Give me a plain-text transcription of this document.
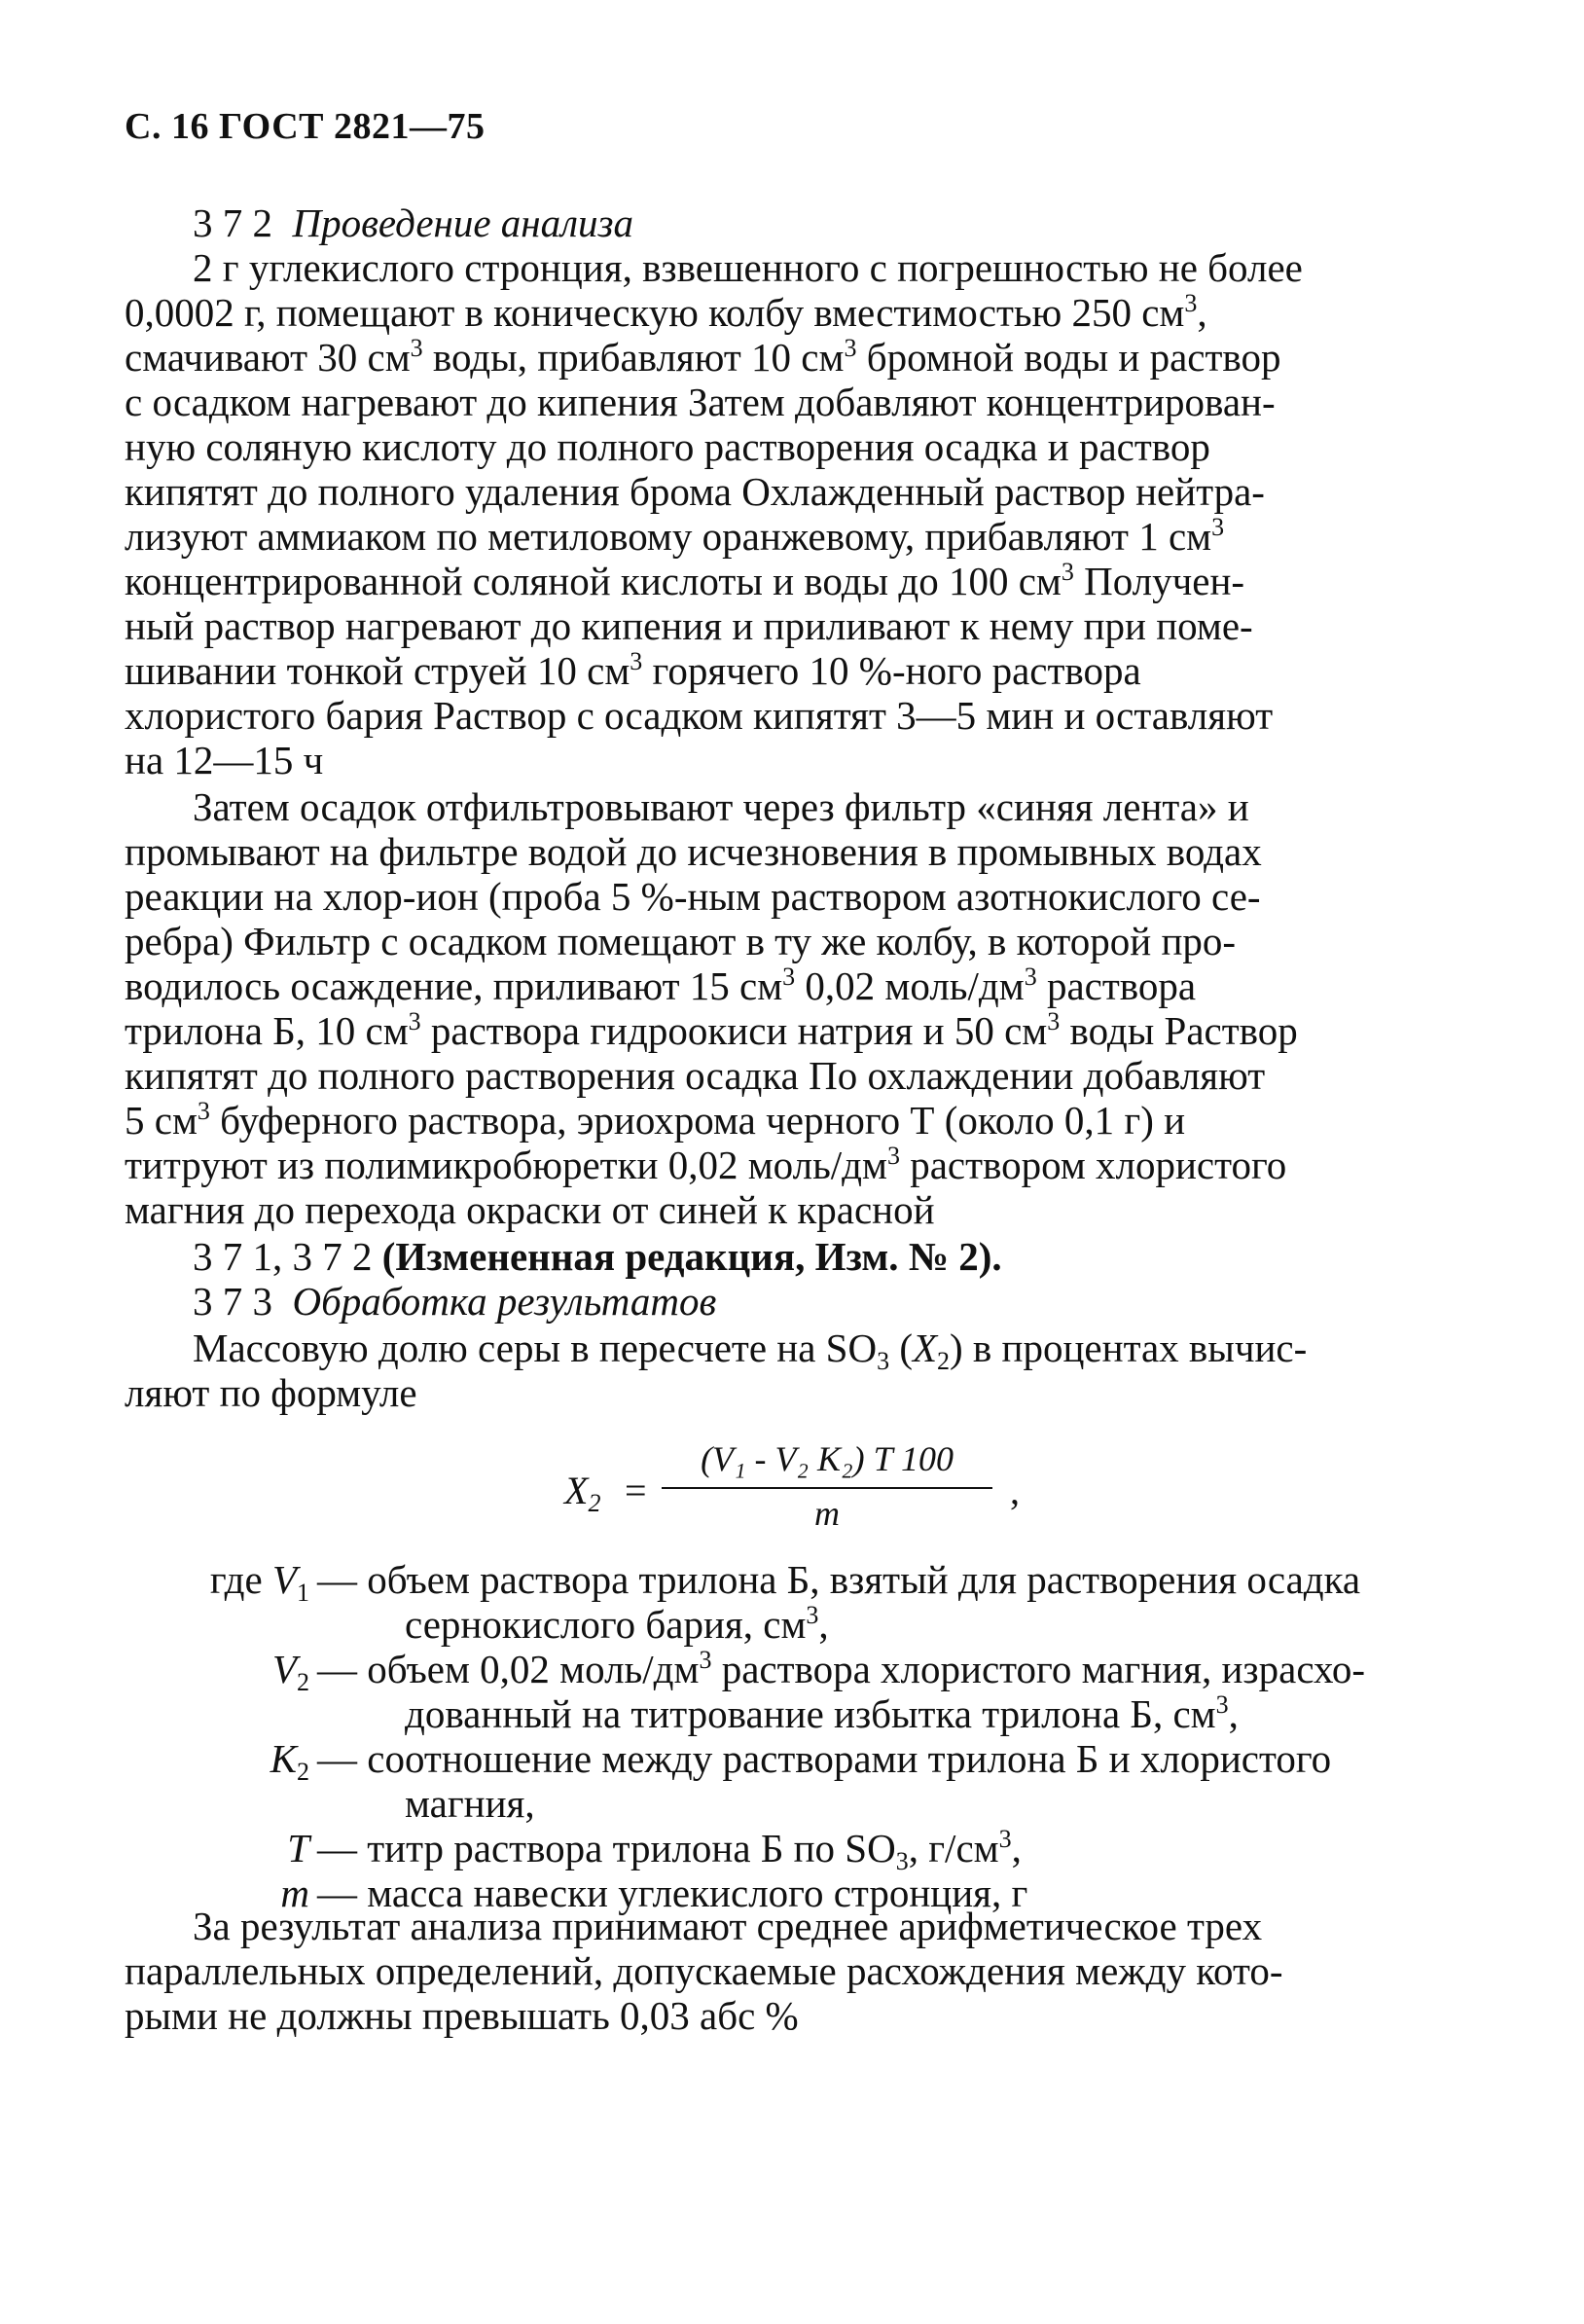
С. 16 ГОСТ 2821—75
3 7 2 Проведение анализа
2 г углекислого стронция, взвешенного с погрешностью не более
0,0002 г, помещают в коническую колбу вместимостью 250 $см^3$,
смачивают 30 $см^3$ воды, прибавляют 10 $см^3$ бромной воды и раствор
с осадком нагревают до кипения Затем добавляют концентрирован-
ную соляную кислоту до полного растворения осадка и раствор
кипятят до полного удаления брома Охлажденный раствор нейтра-
лизуют аммиаком по метиловому оранжевому, прибавляют 1 $см^3$
концентрированной соляной кислоты и воды до 100 $см^3$ Получен-
ный раствор нагревают до кипения и приливают к нему при поме-
шивании тонкой струей 10 $см^3$ горячего 10 %-ного раствора
хлористого бария Раствор с осадком кипятят 3—5 мин и оставляют
на 12—15 ч
Затем осадок отфильтровывают через фильтр «синяя лента» и
промывают на фильтре водой до исчезновения в промывных водах
реакции на хлор-ион (проба 5 %-ным раствором азотнокислого се-
ребра) Фильтр с осадком помещают в ту же колбу, в которой про-
водилось осаждение, приливают 15 $см^3$ 0,02 моль/$дм^3$ раствора
трилона Б, 10 $см^3$ раствора гидроокиси натрия и 50 $см^3$ воды Раствор
кипятят до полного растворения осадка По охлаждении добавляют
5 $см^3$ буферного раствора, эриохрома черного Т (около 0,1 г) и
титруют из полимикробюретки 0,02 моль/$дм^3$ раствором хлористого
магния до перехода окраски от синей к красной
3 7 1, 3 7 2 (Измененная редакция, Изм. № 2).
3 7 3 Обработка результатов
Массовую долю серы в пересчете на $SO_3$ $(X_2)$ в процентах вычис-
ляют по формуле
$X_2$ =
(V₁ - V₂ K₂) T 100
m
,
где $V_1$ — объем раствора трилона Б, взятый для растворения осадка
сернокислого бария, $см^3$,
$V_2$ — объем 0,02 моль/$дм^3$ раствора хлористого магния, израсхо-
дованный на титрование избытка трилона Б, $см^3$,
$K_2$ — соотношение между растворами трилона Б и хлористого
магния,
T — титр раствора трилона Б по $SO_3$, $г/см^3$,
m — масса навески углекислого стронция, г
За результат анализа принимают среднее арифметическое трех
параллельных определений, допускаемые расхождения между кото-
рыми не должны превышать 0,03 абс %
